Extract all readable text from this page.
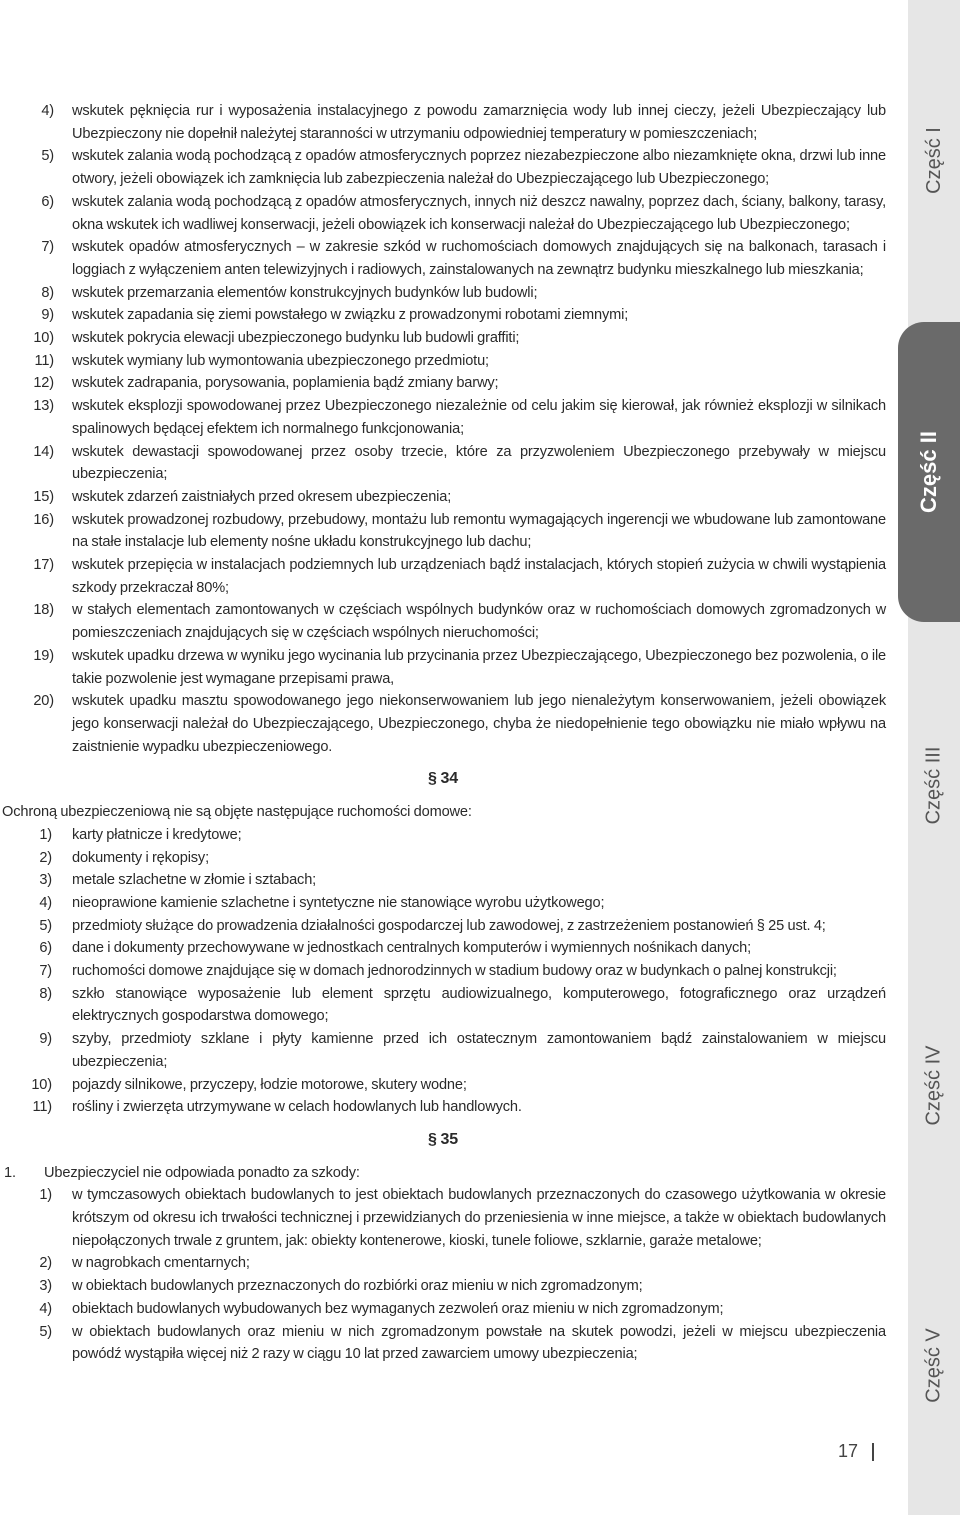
4) wskutek pęknięcia rur i wyposażenia instalacyjnego z powodu zamarznięcia wody lub innej cieczy, jeżeli Ubezpieczający lub Ubezpieczony nie dopełnił należytej staranności w utrzymaniu odpowiedniej temperatury w pomieszczeniach;
5) wskutek zalania wodą pochodzącą z opadów atmosferycznych poprzez niezabezpieczone albo niezamknięte okna, drzwi lub inne otwory, jeżeli obowiązek ich zamknięcia lub zabezpieczenia należał do Ubezpieczającego lub Ubezpieczonego;
6) wskutek zalania wodą pochodzącą z opadów atmosferycznych, innych niż deszcz nawalny, poprzez dach, ściany, balkony, tarasy, okna wskutek ich wadliwej konserwacji, jeżeli obowiązek ich konserwacji należał do Ubezpieczającego lub Ubezpieczonego;
7) wskutek opadów atmosferycznych – w zakresie szkód w ruchomościach domowych znajdujących się na balkonach, tarasach i loggiach z wyłączeniem anten telewizyjnych i radiowych, zainstalowanych na zewnątrz budynku mieszkalnego lub mieszkania;
8) wskutek przemarzania elementów konstrukcyjnych budynków lub budowli;
9) wskutek zapadania się ziemi powstałego w związku z prowadzonymi robotami ziemnymi;
10) wskutek pokrycia elewacji ubezpieczonego budynku lub budowli graffiti;
11) wskutek wymiany lub wymontowania ubezpieczonego przedmiotu;
12) wskutek zadrapania, porysowania, poplamienia bądź zmiany barwy;
13) wskutek eksplozji spowodowanej przez Ubezpieczonego niezależnie od celu jakim się kierował, jak również eksplozji w silnikach spalinowych będącej efektem ich normalnego funkcjonowania;
14) wskutek dewastacji spowodowanej przez osoby trzecie, które za przyzwoleniem Ubezpieczonego przebywały w miejscu ubezpieczenia;
15) wskutek zdarzeń zaistniałych przed okresem ubezpieczenia;
16) wskutek prowadzonej rozbudowy, przebudowy, montażu lub remontu wymagających ingerencji we wbudowane lub zamontowane na stałe instalacje lub elementy nośne układu konstrukcyjnego lub dachu;
17) wskutek przepięcia w instalacjach podziemnych lub urządzeniach bądź instalacjach, których stopień zużycia w chwili wystąpienia szkody przekraczał 80%;
18) w stałych elementach zamontowanych w częściach wspólnych budynków oraz w ruchomościach domowych zgromadzonych w pomieszczeniach znajdujących się w częściach wspólnych nieruchomości;
19) wskutek upadku drzewa w wyniku jego wycinania lub przycinania przez Ubezpieczającego, Ubezpieczonego bez pozwolenia, o ile takie pozwolenie jest wymagane przepisami prawa,
20) wskutek upadku masztu spowodowanego jego niekonserwowaniem lub jego nienależytym konserwowaniem, jeżeli obowiązek jego konserwacji należał do Ubezpieczającego, Ubezpieczonego, chyba że niedopełnienie tego obowiązku nie miało wpływu na zaistnienie wypadku ubezpieczeniowego.
§ 34
Ochroną ubezpieczeniową nie są objęte następujące ruchomości domowe:
1) karty płatnicze i kredytowe;
2) dokumenty i rękopisy;
3) metale szlachetne w złomie i sztabach;
4) nieoprawione kamienie szlachetne i syntetyczne nie stanowiące wyrobu użytkowego;
5) przedmioty służące do prowadzenia działalności gospodarczej lub zawodowej, z zastrzeżeniem postanowień § 25 ust. 4;
6) dane i dokumenty przechowywane w jednostkach centralnych komputerów i wymiennych nośnikach danych;
7) ruchomości domowe znajdujące się w domach jednorodzinnych w stadium budowy oraz w budynkach o palnej konstrukcji;
8) szkło stanowiące wyposażenie lub element sprzętu audiowizualnego, komputerowego, fotograficznego oraz urządzeń elektrycznych gospodarstwa domowego;
9) szyby, przedmioty szklane i płyty kamienne przed ich ostatecznym zamontowaniem bądź zainstalowaniem w miejscu ubezpieczenia;
10) pojazdy silnikowe, przyczepy, łodzie motorowe, skutery wodne;
11) rośliny i zwierzęta utrzymywane w celach hodowlanych lub handlowych.
§ 35
1. Ubezpieczyciel nie odpowiada ponadto za szkody:
1) w tymczasowych obiektach budowlanych to jest obiektach budowlanych przeznaczonych do czasowego użytkowania w okresie krótszym od okresu ich trwałości technicznej i przewidzianych do przeniesienia w inne miejsce, a także w obiektach budowlanych niepołączonych trwale z gruntem, jak: obiekty kontenerowe, kioski, tunele foliowe, szklarnie, garaże metalowe;
2) w nagrobkach cmentarnych;
3) w obiektach budowlanych przeznaczonych do rozbiórki oraz mieniu w nich zgromadzonym;
4) obiektach budowlanych wybudowanych bez wymaganych zezwoleń oraz mieniu w nich zgromadzonym;
5) w obiektach budowlanych oraz mieniu w nich zgromadzonym powstałe na skutek powodzi, jeżeli w miejscu ubezpieczenia powódź wystąpiła więcej niż 2 razy w ciągu 10 lat przed zawarciem umowy ubezpieczenia;
Część I
Część II
Część III
Część IV
Część V
17
